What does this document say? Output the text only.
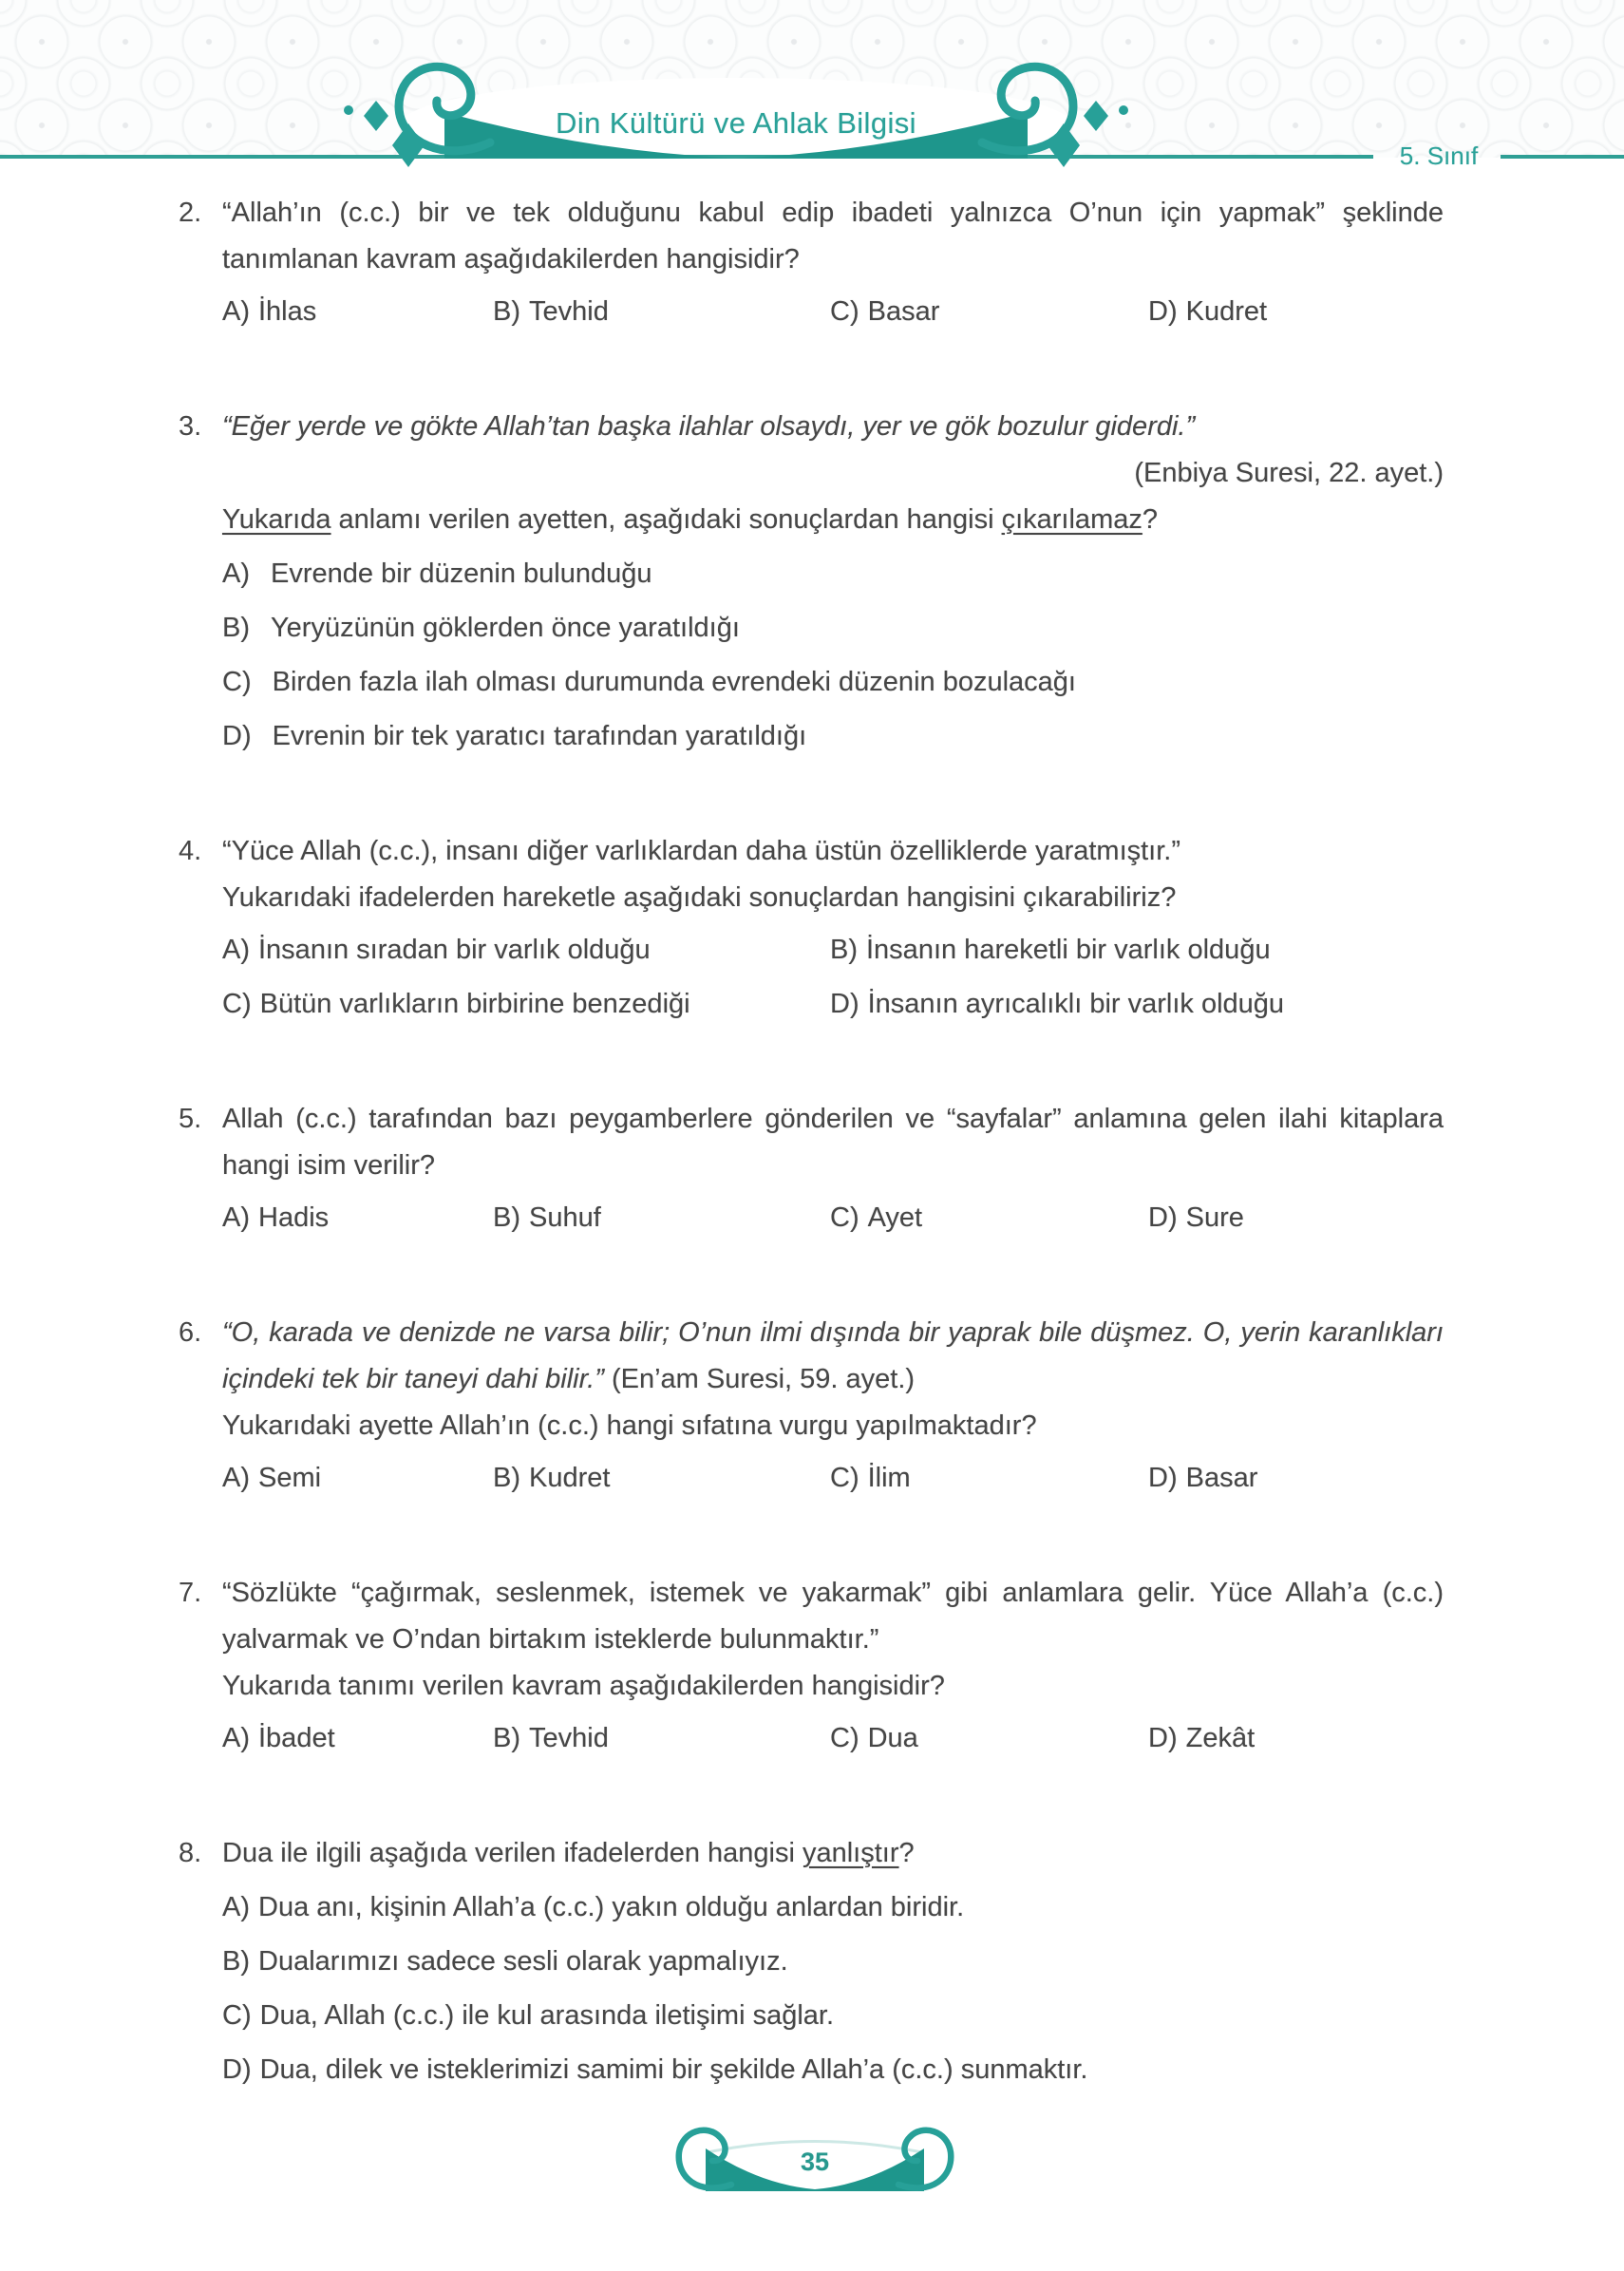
Din Kültürü ve Ahlak Bilgisi
5. Sınıf
2. “Allah’ın (c.c.) bir ve tek olduğunu kabul edip ibadeti yalnızca O’nun için yapmak” şeklinde tanımlanan kavram aşağıdakilerden hangisidir?
A) İhlas	B) Tevhid	C) Basar	D) Kudret
3. “Eğer yerde ve gökte Allah’tan başka ilahlar olsaydı, yer ve gök bozulur giderdi.”
(Enbiya Suresi, 22. ayet.)
Yukarıda anlamı verilen ayetten, aşağıdaki sonuçlardan hangisi çıkarılamaz?
A) Evrende bir düzenin bulunduğu
B) Yeryüzünün göklerden önce yaratıldığı
C) Birden fazla ilah olması durumunda evrendeki düzenin bozulacağı
D) Evrenin bir tek yaratıcı tarafından yaratıldığı
4. “Yüce Allah (c.c.), insanı diğer varlıklardan daha üstün özelliklerde yaratmıştır.”
Yukarıdaki ifadelerden hareketle aşağıdaki sonuçlardan hangisini çıkarabiliriz?
A) İnsanın sıradan bir varlık olduğu	B) İnsanın hareketli bir varlık olduğu
C) Bütün varlıkların birbirine benzediği	D) İnsanın ayrıcalıklı bir varlık olduğu
5. Allah (c.c.) tarafından bazı peygamberlere gönderilen ve “sayfalar” anlamına gelen ilahi kitaplara hangi isim verilir?
A) Hadis	B) Suhuf	C) Ayet	D) Sure
6. “O, karada ve denizde ne varsa bilir; O’nun ilmi dışında bir yaprak bile düşmez. O, yerin karanlıkları içindeki tek bir taneyi dahi bilir.” (En’am Suresi, 59. ayet.)
Yukarıdaki ayette Allah’ın (c.c.) hangi sıfatına vurgu yapılmaktadır?
A) Semi	B) Kudret	C) İlim	D) Basar
7. “Sözlükte “çağırmak, seslenmek, istemek ve yakarmak” gibi anlamlara gelir. Yüce Allah’a (c.c.) yalvarmak ve O’ndan birtakım isteklerde bulunmaktır.”
Yukarıda tanımı verilen kavram aşağıdakilerden hangisidir?
A) İbadet	B) Tevhid	C) Dua	D) Zekât
8. Dua ile ilgili aşağıda verilen ifadelerden hangisi yanlıştır?
A) Dua anı, kişinin Allah’a (c.c.) yakın olduğu anlardan biridir.
B) Dualarımızı sadece sesli olarak yapmalıyız.
C) Dua, Allah (c.c.) ile kul arasında iletişimi sağlar.
D) Dua, dilek ve isteklerimizi samimi bir şekilde Allah’a (c.c.) sunmaktır.
35
